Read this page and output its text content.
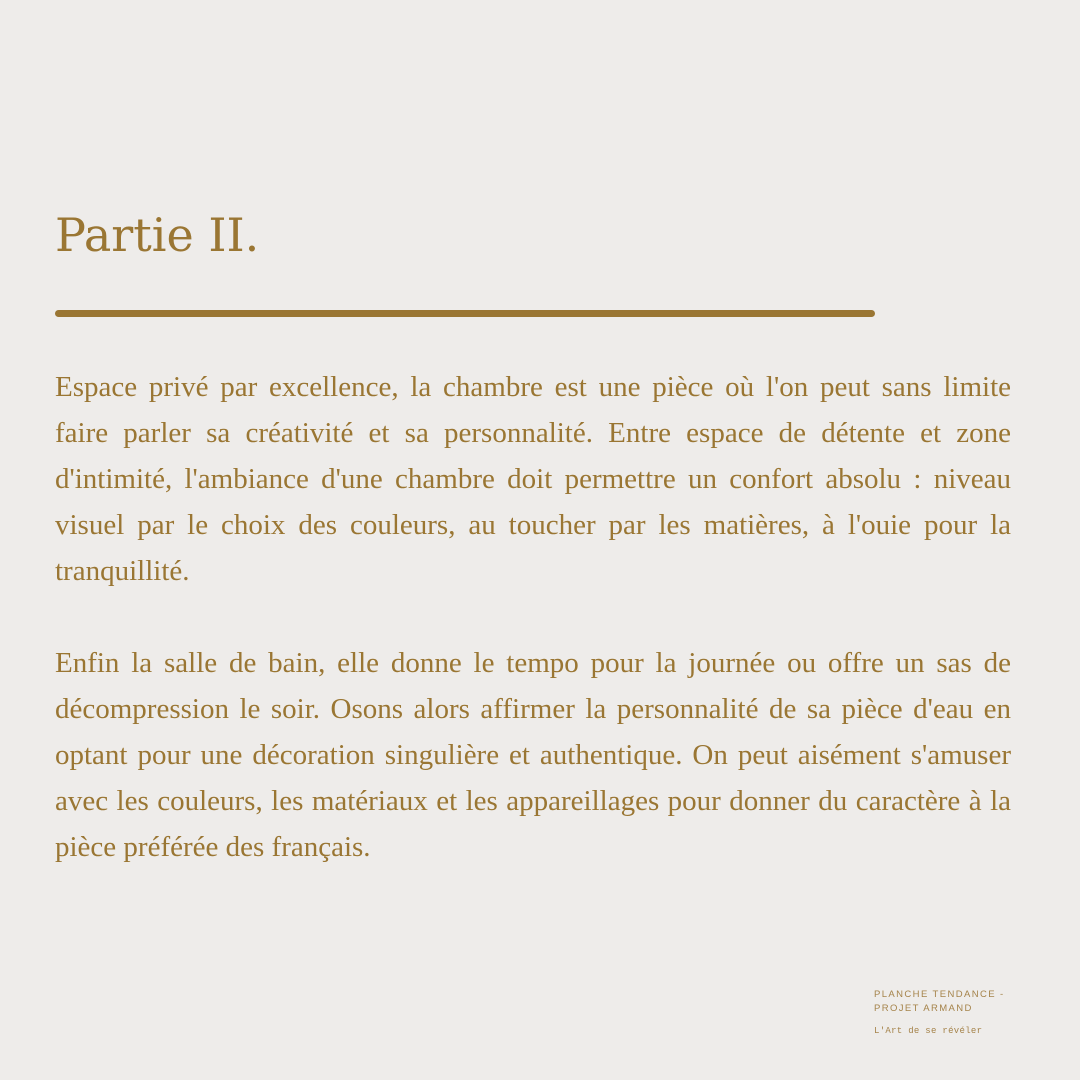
Partie II.

Espace privé par excellence, la chambre est une pièce où l'on peut sans limite faire parler sa créativité et sa personnalité. Entre espace de détente et zone d'intimité, l'ambiance d'une chambre doit permettre un confort absolu : niveau visuel par le choix des couleurs, au toucher par les matières, à l'ouie pour la tranquillité.

Enfin la salle de bain, elle donne le tempo pour la journée ou offre un sas de décompression le soir. Osons alors affirmer la personnalité de sa pièce d'eau en optant pour une décoration singulière et authentique. On peut aisément s'amuser avec les couleurs, les matériaux et les appareillages pour donner du caractère à la pièce préférée des français.

PLANCHE TENDANCE - PROJET ARMAND

L'Art de se révéler
